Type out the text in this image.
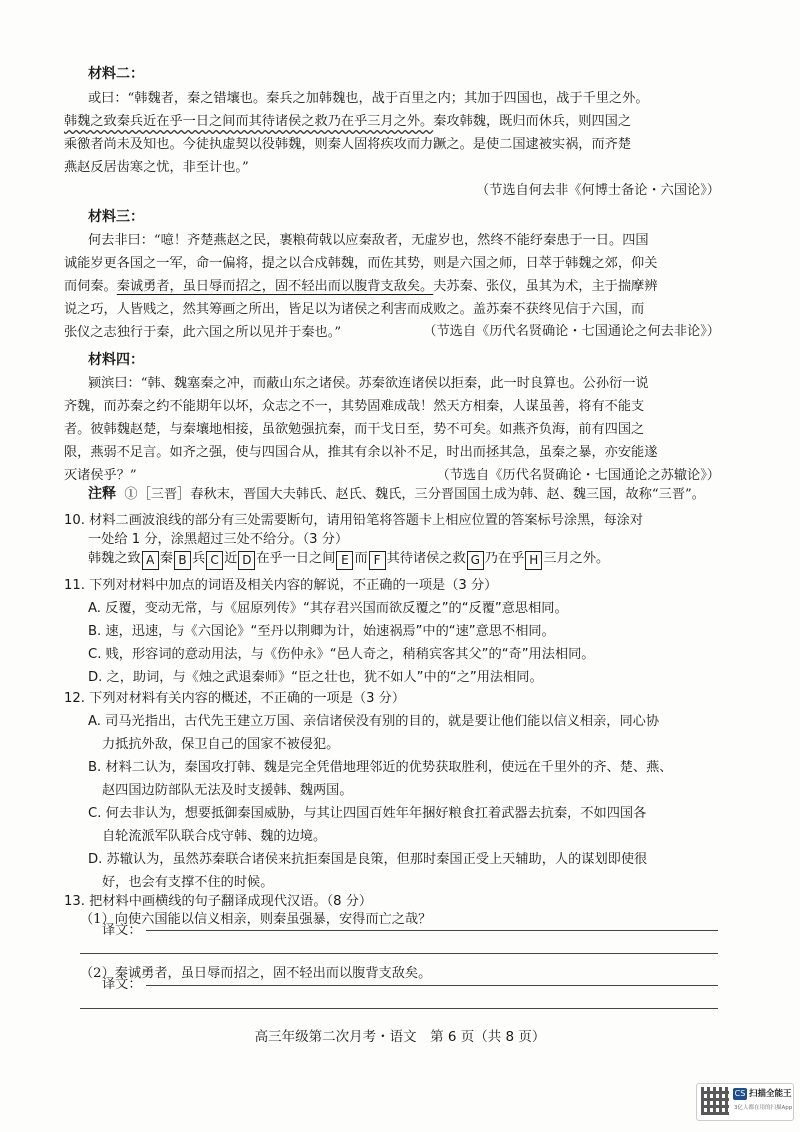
材料二：
或曰：“韩魏者，秦之错壤也。秦兵之加韩魏也，战于百里之内；其加于四国也，战于千里之外。
韩魏之致秦兵近在乎一日之间而其待诸侯之救乃在乎三月之外。秦攻韩魏，既归而休兵，则四国之
乘徼者尚未及知也。今徒执虚契以役韩魏，则秦人固将疾攻而力蹶之。是使二国逮被实祸，而齐楚
燕赵反居齿寒之忧，非至计也。”
（节选自何去非《何博士备论・六国论》）
材料三：
何去非曰：“噫！齐楚燕赵之民，裹粮荷戟以应秦敌者，无虚岁也，然终不能纾秦患于一日。四国
诚能岁更各国之一军，命一偏将，提之以合戍韩魏，而佐其势，则是六国之师，日萃于韩魏之郊，仰关
而伺秦。秦诚勇者，虽日辱而招之，固不轻出而以腹背支敌矣。夫苏秦、张仪，虽其为术，主于揣摩辨
说之巧，人皆贱之，然其筹画之所出，皆足以为诸侯之利害而成败之。盖苏秦不获终见信于六国，而
张仪之志独行于秦，此六国之所以见并于秦也。”	（节选自《历代名贤确论・七国通论之何去非论》）
材料四：
颍滨曰：“韩、魏塞秦之冲，而蔽山东之诸侯。苏秦欲连诸侯以拒秦，此一时良算也。公孙衍一说
齐魏，而苏秦之约不能期年以坏，众志之不一，其势固难成哉！然天方相秦，人谋虽善，将有不能支
者。彼韩魏赵楚，与秦壤地相接，虽欲勉强抗秦，而干戈日至，势不可矣。如燕齐负海，前有四国之
限，燕弱不足言。如齐之强，使与四国合从，推其有余以补不足，时出而拯其急，虽秦之暴，亦安能遂
灭诸侯乎？”	（节选自《历代名贤确论・七国通论之苏辙论》）
注释 ①［三晋］春秋末，晋国大夫韩氏、赵氏、魏氏，三分晋国国土成为韩、赵、魏三国，故称“三晋”。
10. 材料二画波浪线的部分有三处需要断句，请用铅笔将答题卡上相应位置的答案标号涂黑，每涂对
一处给 1 分，涂黑超过三处不给分。（3 分）
韩魏之致 A 秦 B 兵 C 近 D 在乎一日之间 E 而 F 其待诸侯之救 G 乃在乎 H 三月之外。
11. 下列对材料中加点的词语及相关内容的解说，不正确的一项是（3 分）
A. 反覆，变动无常，与《屈原列传》“其存君兴国而欲反覆之”的“反覆”意思相同。
B. 速，迅速，与《六国论》“至丹以荆卿为计，始速祸焉”中的“速”意思不相同。
C. 贱，形容词的意动用法，与《伤仲永》“邑人奇之，稍稍宾客其父”的“奇”用法相同。
D. 之，助词，与《烛之武退秦师》“臣之壮也，犹不如人”中的“之”用法相同。
12. 下列对材料有关内容的概述，不正确的一项是（3 分）
A. 司马光指出，古代先王建立万国、亲信诸侯没有别的目的，就是要让他们能以信义相亲，同心协
力抵抗外敌，保卫自己的国家不被侵犯。
B. 材料二认为，秦国攻打韩、魏是完全凭借地理邻近的优势获取胜利，使远在千里外的齐、楚、燕、
赵四国边防部队无法及时支援韩、魏两国。
C. 何去非认为，想要抵御秦国威胁，与其让四国百姓年年捆好粮食扛着武器去抗秦，不如四国各
自轮流派军队联合戍守韩、魏的边境。
D. 苏辙认为，虽然苏秦联合诸侯来抗拒秦国是良策，但那时秦国正受上天辅助，人的谋划即使很
好，也会有支撑不住的时候。
13. 把材料中画横线的句子翻译成现代汉语。（8 分）
（1）向使六国能以信义相亲，则秦虽强暴，安得而亡之哉？
译文：
（2）秦诚勇者，虽日辱而招之，固不轻出而以腹背支敌矣。
译文：
高三年级第二次月考・语文　第 6 页（共 8 页）
CS 扫描全能王
3亿人都在用的扫描App
